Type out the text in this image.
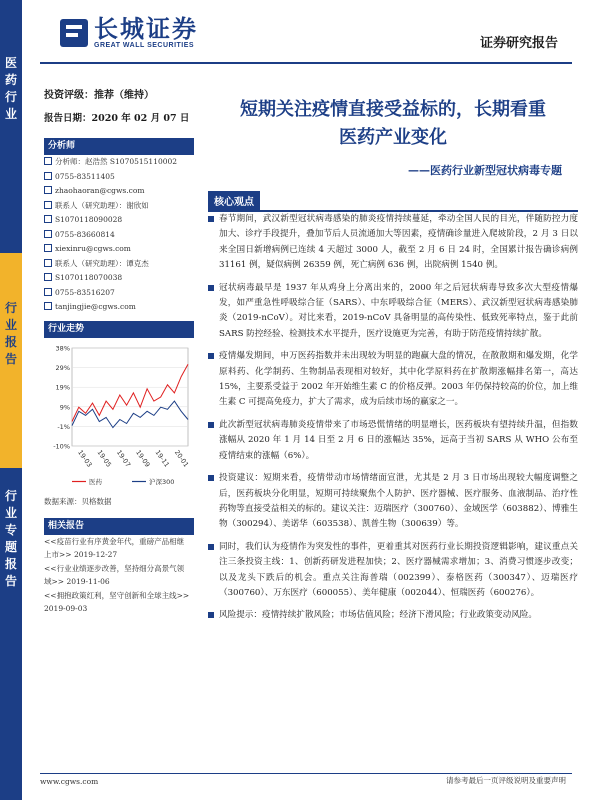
医药行业
行业报告
行业专题报告
长城证券
GREAT WALL SECURITIES	证券研究报告
投资评级：推荐（维持）
报告日期：2020 年 02 月 07 日
分析师
分析师：赵浩然 S1070515110002
0755-83511405
zhaohaoran@cgws.com
联系人（研究助理）：谢欣如
S1070118090028
0755-83660814
xiexinru@cgws.com
联系人（研究助理）：谭克杰
S1070118070038
0755-83516207
tanjingjie@cgws.com
行业走势
38%
29%
19%
9%
-1%
-10%
19-03 19-05 19-07 19-09 19-11 20-01
医药	沪深300
数据来源：贝格数据
相关报告
<<疫苗行业有序黄金年代，重磅产品相继
上市>> 2019-12-27
<<行业业绩逐步改善，坚持细分高景气领
域>> 2019-11-06
<<拥抱政策红利，坚守创新和全球主线>>
2019-09-03
短期关注疫情直接受益标的，长期看重
医药产业变化
——医药行业新型冠状病毒专题
核心观点
春节期间，武汉新型冠状病毒感染的肺炎疫情持续蔓延，牵动全国人民的目光，伴随防控力度加大、诊疗手段提升，叠加节后人员流通加大等因素，疫情确诊量进入爬坡阶段，2 月 3 日以来全国日新增病例已连续 4 天超过 3000 人，截至 2 月 6 日 24 时，全国累计报告确诊病例 31161 例，疑似病例 26359 例，死亡病例 636 例，出院病例 1540 例。
冠状病毒最早是 1937 年从鸡身上分离出来的，2000 年之后冠状病毒导致多次大型疫情爆发，如严重急性呼吸综合征（SARS）、中东呼吸综合征（MERS）、武汉新型冠状病毒感染肺炎（2019-nCoV）。对比来看，2019-nCoV 具备明显的高传染性、低致死率特点，鉴于此前 SARS 防控经验、检测技术水平提升，医疗设施更为完善，有助于防范疫情持续扩散。
疫情爆发期间，申万医药指数并未出现较为明显的跑赢大盘的情况，在散散期和爆发期，化学原料药、化学制药、生物制品表现相对较好，其中化学原料药在扩散期涨幅排名第一，高达 15%，主要系受益于 2002 年开始维生素 C 的价格反弹。2003 年仍保持较高的价位，加上维生素 C 可提高免疫力，扩大了需求，成为后续市场的赢家之一。
此次新型冠状病毒肺炎疫情带来了市场恐慌情绪的明显增长，医药板块有望持续升温，但指数涨幅从 2020 年 1 月 14 日至 2 月 6 日的涨幅达 35%，远高于当初 SARS 从 WHO 公布至疫情结束的涨幅（6%）。
投资建议：短期来看，疫情带动市场情绪面宣泄，尤其是 2 月 3 日市场出现较大幅度调整之后，医药板块分化明显，短期可持续聚焦个人防护、医疗器械、医疗服务、血液制品、治疗性药物等直接受益相关的标的。建议关注：迈瑞医疗（300760）、金域医学（603882）、博雅生物（300294）、美诺华（603538）、凯普生物（300639）等。
同时，我们认为疫情作为突发性的事件，更着重其对医药行业长期投资逻辑影响，建议重点关注三条投资主线：1、创新药研发进程加快；2、医疗器械需求增加；3、消费习惯逐步改变；以及龙头下跌后的机会。重点关注海普瑞（002399）、泰格医药（300347）、迈瑞医疗（300760）、万东医疗（600055）、美年健康（002044）、恒瑞医药（600276）。
风险提示：疫情持续扩散风险；市场估值风险；经济下滑风险；行业政策变动风险。
www.cgws.com	请参考最后一页评级说明及重要声明
